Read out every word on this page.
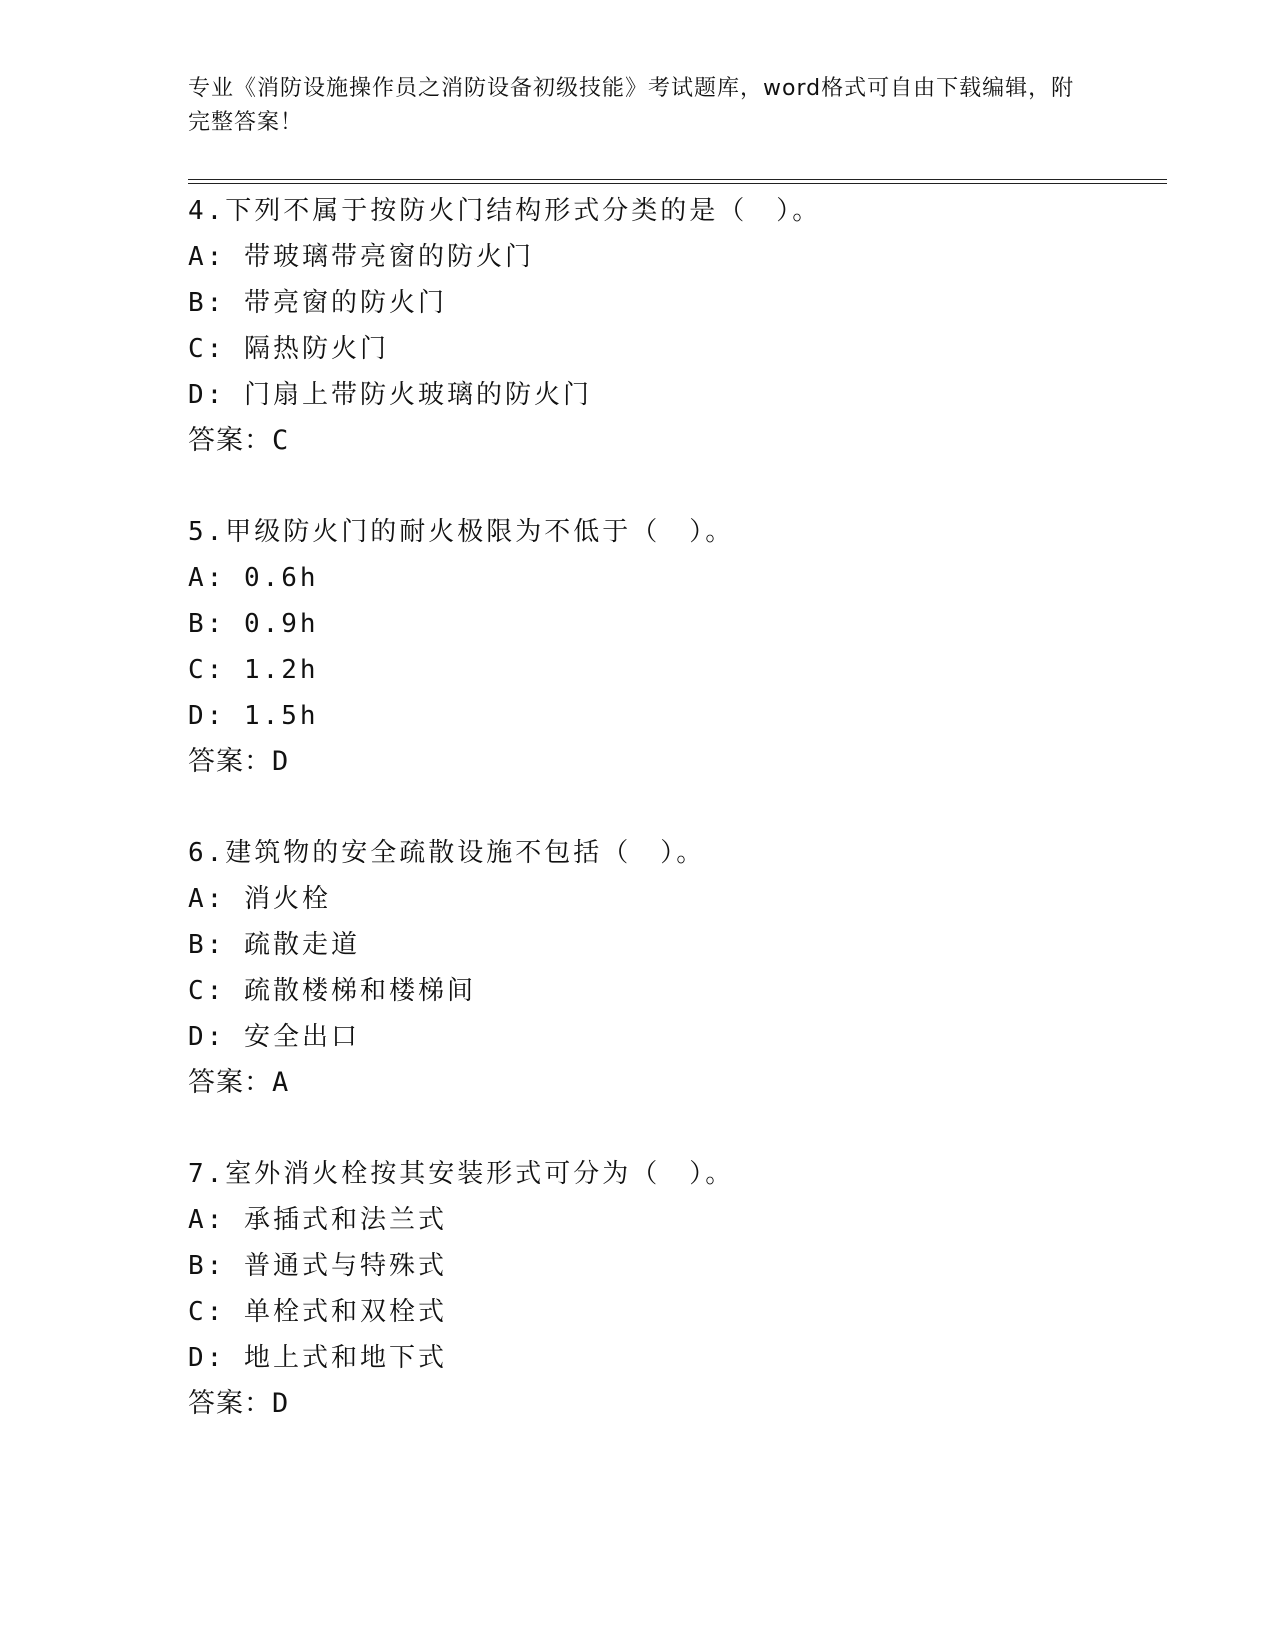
专业《消防设施操作员之消防设备初级技能》考试题库，word格式可自由下载编辑，附完整答案！
4.下列不属于按防火门结构形式分类的是（　）。
A: 带玻璃带亮窗的防火门
B: 带亮窗的防火门
C: 隔热防火门
D: 门扇上带防火玻璃的防火门
答案：C
5.甲级防火门的耐火极限为不低于（　）。
A: 0.6h
B: 0.9h
C: 1.2h
D: 1.5h
答案：D
6.建筑物的安全疏散设施不包括（　）。
A: 消火栓
B: 疏散走道
C: 疏散楼梯和楼梯间
D: 安全出口
答案：A
7.室外消火栓按其安装形式可分为（　）。
A: 承插式和法兰式
B: 普通式与特殊式
C: 单栓式和双栓式
D: 地上式和地下式
答案：D
